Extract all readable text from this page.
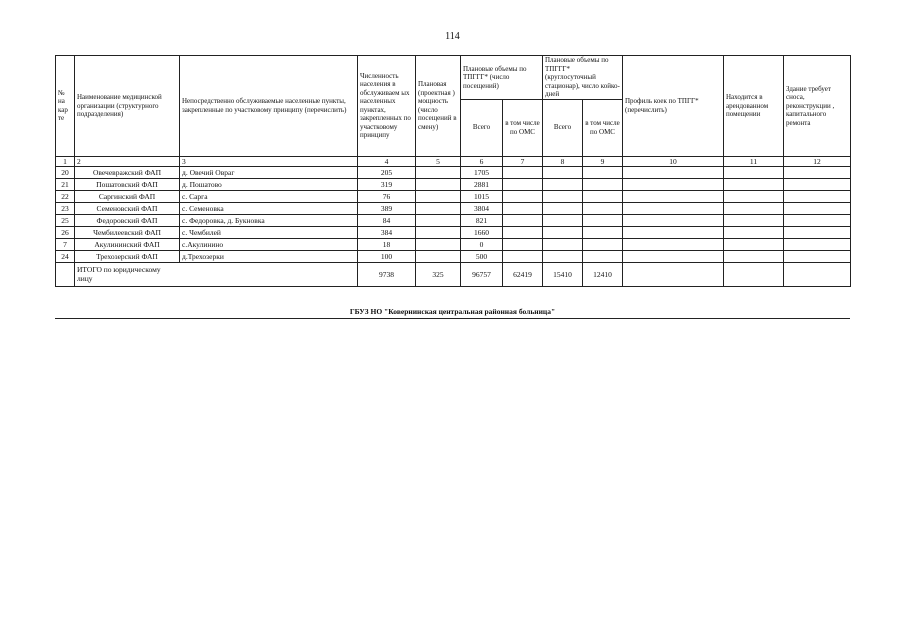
114
№ на кар те	Наименование медицинской организации (структурного подразделения)	Непосредственно обслуживаемые населенные пункты, закрепленные по участковому принципу (перечислить)	Численность населения в обслуживаем ых населенных пунктах, закрепленных по участковому принципу	Плановая (проектная ) мощность (число посещений в смену)	Плановые объемы по ТПГГГ* (число посещений)		Плановые объемы по ТПГГГ* (круглосуточный стационар), число койко-дней		Профиль коек по ТПГГ* (перечислить)	Находится в арендованном помещении	Здание требует сноса, реконструкции , капитального ремонта
					Всего	в том числе по ОМС	Всего	в том числе по ОМС			
1	2	3	4	5	6	7	8	9	10	11	12
20	Овечевражский ФАП	д. Овечий Овраг	205		1705						
21	Пошатовский ФАП	д. Пошатово	319		2881						
22	Саргинский ФАП	с. Сарга	76		1015						
23	Семеновский ФАП	с. Семеновка	389		3804						
25	Федоровский ФАП	с. Федоровка, д. Букновка	84		821						
26	Чембилеевский ФАП	с. Чембилей	384		1660						
7	Акулининский ФАП	с.Акулинино	18		0						
24	Трехозерский ФАП	д.Трехозерки	100		500						
	ИТОГО по юридическому лицу		9738	325	96757	62419	15410	12410			
ГБУЗ НО "Ковернинская центральная районная больница"
